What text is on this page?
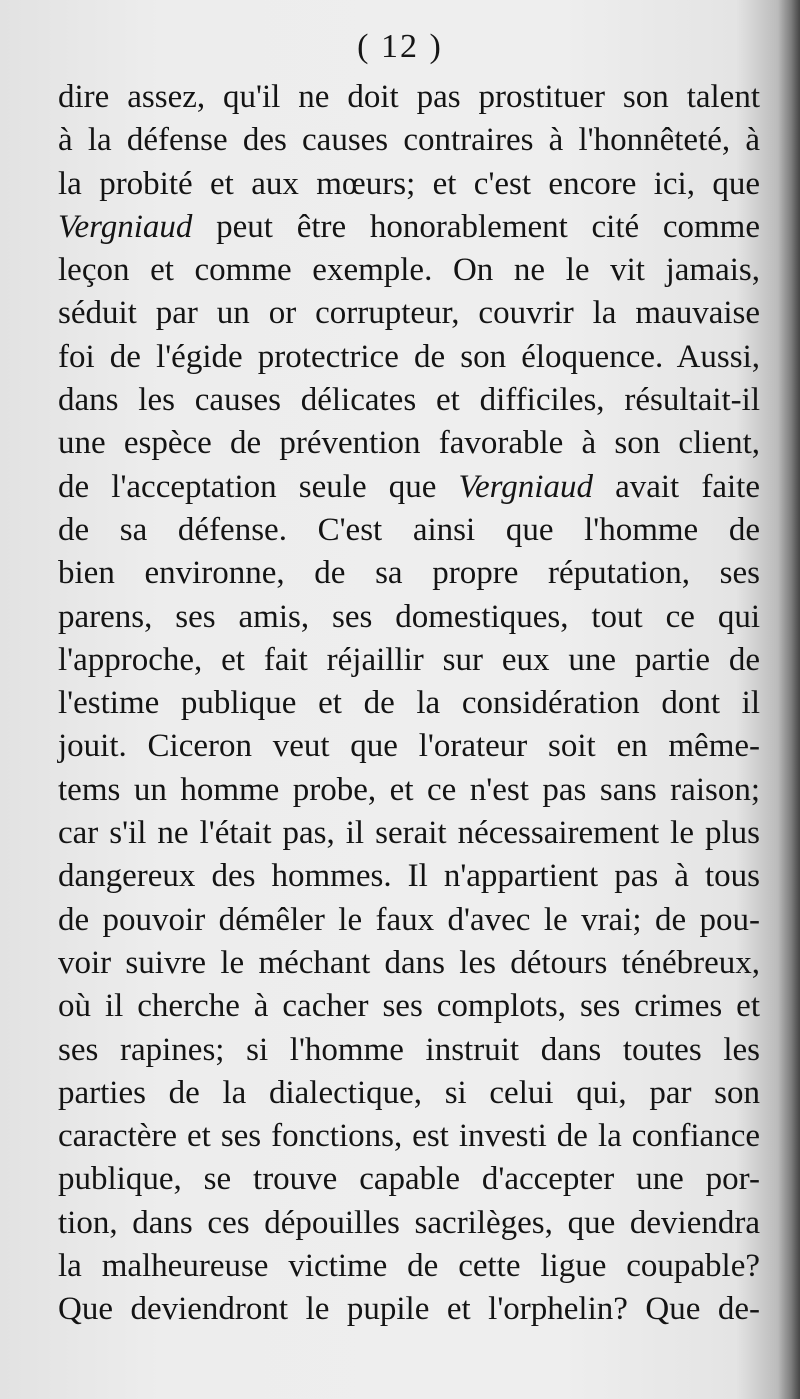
( 12 )
dire assez, qu'il ne doit pas prostituer son talent
à la défense des causes contraires à l'honnêteté, à
la probité et aux mœurs; et c'est encore ici, que
Vergniaud peut être honorablement cité comme
leçon et comme exemple. On ne le vit jamais,
séduit par un or corrupteur, couvrir la mauvaise
foi de l'égide protectrice de son éloquence. Aussi,
dans les causes délicates et difficiles, résultait-il
une espèce de prévention favorable à son client,
de l'acceptation seule que Vergniaud avait faite
de sa défense. C'est ainsi que l'homme de
bien environne, de sa propre réputation, ses
parens, ses amis, ses domestiques, tout ce qui
l'approche, et fait réjaillir sur eux une partie de
l'estime publique et de la considération dont il
jouit. Ciceron veut que l'orateur soit en même-
tems un homme probe, et ce n'est pas sans raison;
car s'il ne l'était pas, il serait nécessairement le plus
dangereux des hommes. Il n'appartient pas à tous
de pouvoir démêler le faux d'avec le vrai; de pou-
voir suivre le méchant dans les détours ténébreux,
où il cherche à cacher ses complots, ses crimes et
ses rapines; si l'homme instruit dans toutes les
parties de la dialectique, si celui qui, par son
caractère et ses fonctions, est investi de la confiance
publique, se trouve capable d'accepter une por-
tion, dans ces dépouilles sacrilèges, que deviendra
la malheureuse victime de cette ligue coupable?
Que deviendront le pupile et l'orphelin? Que de-
